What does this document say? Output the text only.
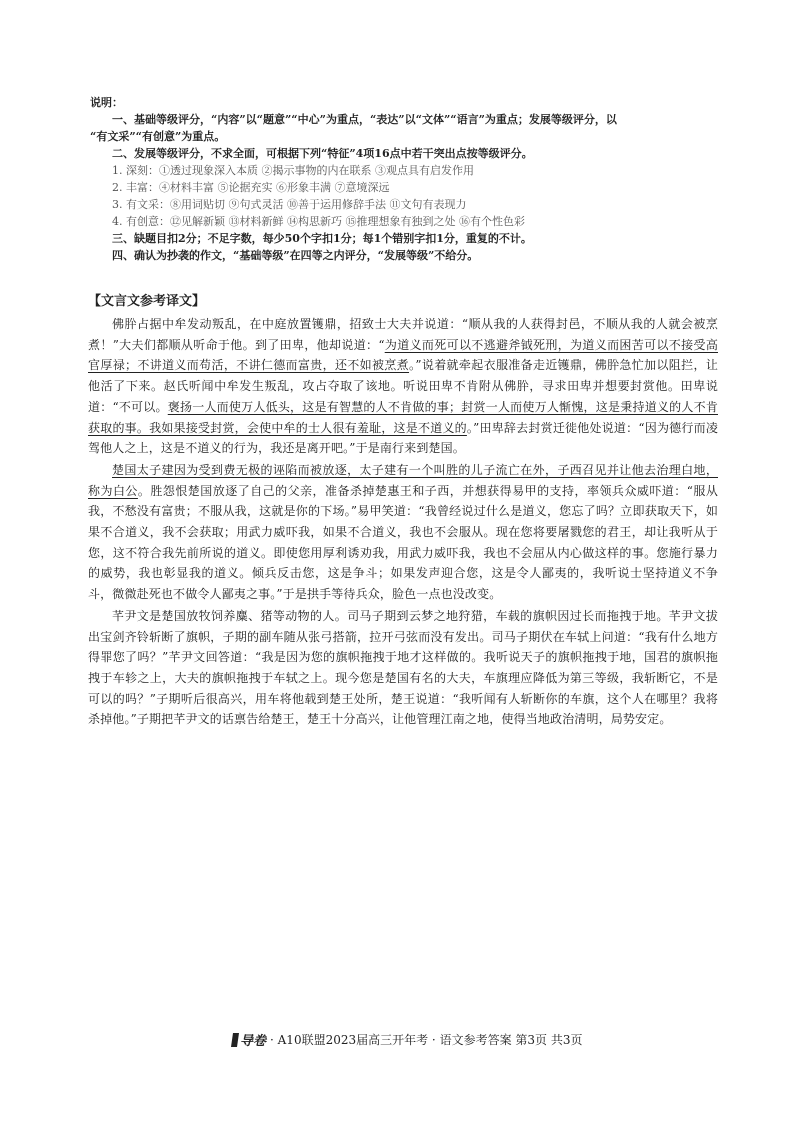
说明：
一、基础等级评分，“内容”以“题意”“中心”为重点，“表达”以“文体”“语言”为重点；发展等级评分，以
“有文采”“有创意”为重点。
二、发展等级评分，不求全面，可根据下列“特征”4项16点中若干突出点按等级评分。
1. 深刻：①透过现象深入本质 ②揭示事物的内在联系 ③观点具有启发作用
2. 丰富：④材料丰富 ⑤论据充实 ⑥形象丰满 ⑦意境深远
3. 有文采：⑧用词贴切 ⑨句式灵活 ⑩善于运用修辞手法 ⑪文句有表现力
4. 有创意：⑫见解新颖 ⑬材料新鲜 ⑭构思新巧 ⑮推理想象有独到之处 ⑯有个性色彩
三、缺题目扣2分；不足字数，每少50个字扣1分；每1个错别字扣1分，重复的不计。
四、确认为抄袭的作文，“基础等级”在四等之内评分，“发展等级”不给分。
【文言文参考译文】

佛肸占据中牟发动叛乱，在中庭放置镬鼎，招致士大夫并说道：“顺从我的人获得封邑，不顺从我的人就会被烹煮！”大夫们都顺从听命于他。到了田卑，他却说道：“为道义而死可以不逃避斧钺死刑，为道义而困苦可以不接受高官厚禄；不讲道义而苟活，不讲仁德而富贵，还不如被烹煮。”说着就牵起衣服准备走近镬鼎，佛肸急忙加以阻拦，让他活了下来。赵氏听闻中牟发生叛乱，攻占夺取了该地。听说田卑不肯附从佛肸，寻求田卑并想要封赏他。田卑说道：“不可以。褒扬一人而使万人低头，这是有智慧的人不肯做的事；封赏一人而使万人惭愧，这是秉持道义的人不肯获取的事。我如果接受封赏，会使中牟的士人很有羞耻，这是不道义的。”田卑辞去封赏迁徙他处说道：“因为德行而凌驾他人之上，这是不道义的行为，我还是离开吧。”于是南行来到楚国。

楚国太子建因为受到费无极的诬陷而被放逐，太子建有一个叫胜的儿子流亡在外，子西召见并让他去治理白地，称为白公。胜怨恨楚国放逐了自己的父亲，准备杀掉楚惠王和子西，并想获得易甲的支持，率领兵众威吓道：“服从我，不愁没有富贵；不服从我，这就是你的下场。”易甲笑道：“我曾经说过什么是道义，您忘了吗？立即获取天下，如果不合道义，我不会获取；用武力威吓我，如果不合道义，我也不会服从。现在您将要屠戮您的君王，却让我听从于您，这不符合我先前所说的道义。即使您用厚利诱劝我，用武力威吓我，我也不会屈从内心做这样的事。您施行暴力的威势，我也彰显我的道义。倾兵反击您，这是争斗；如果发声迎合您，这是令人鄙夷的，我听说士坚持道义不争斗，微微赴死也不做令人鄙夷之事。”于是拱手等待兵众，脸色一点也没改变。

芊尹文是楚国放牧饲养麋、猪等动物的人。司马子期到云梦之地狩猎，车载的旗帜因过长而拖拽于地。芊尹文拔出宝剑齐铃斩断了旗帜，子期的副车随从张弓搭箭，拉开弓弦而没有发出。司马子期伏在车轼上问道：“我有什么地方得罪您了吗？”芊尹文回答道：“我是因为您的旗帜拖拽于地才这样做的。我听说天子的旗帜拖拽于地，国君的旗帜拖拽于车轸之上，大夫的旗帜拖拽于车轼之上。现今您是楚国有名的大夫，车旗理应降低为第三等级，我斩断它，不是可以的吗？”子期听后很高兴，用车将他载到楚王处所，楚王说道：“我听闻有人斩断你的车旗，这个人在哪里？我将杀掉他。”子期把芊尹文的话禀告给楚王，楚王十分高兴，让他管理江南之地，使得当地政治清明，局势安定。

导卷 · A10联盟2023届高三开年考 · 语文参考答案 第3页 共3页
